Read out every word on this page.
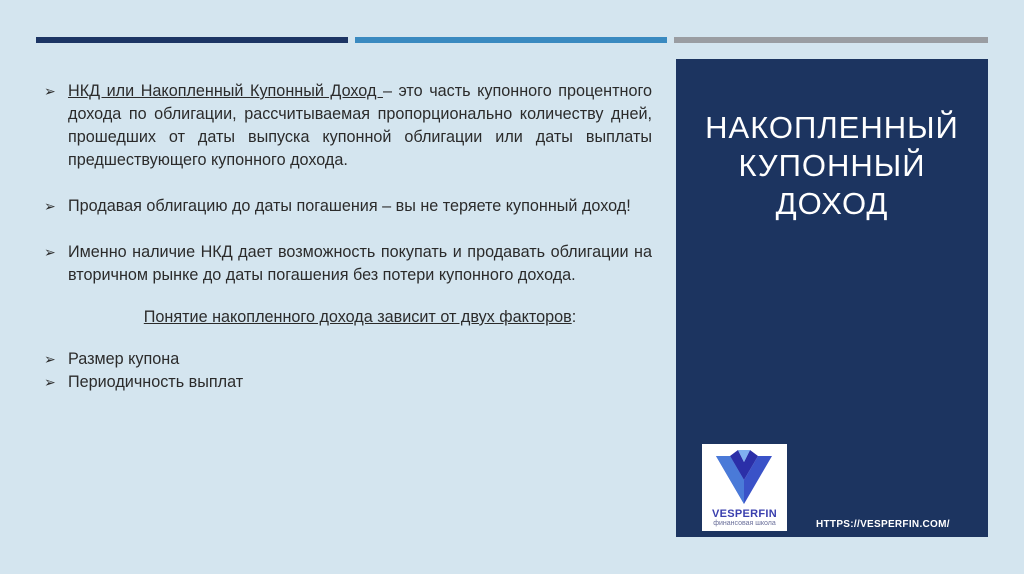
➢ НКД или Накопленный Купонный Доход – это часть купонного процентного дохода по облигации, рассчитываемая пропорционально количеству дней, прошедших от даты выпуска купонной облигации или даты выплаты предшествующего купонного дохода.
➢ Продавая облигацию до даты погашения – вы не теряете купонный доход!
➢ Именно наличие НКД дает возможность покупать и продавать облигации на вторичном рынке до даты погашения без потери купонного дохода.
Понятие накопленного дохода зависит от двух факторов:
➢ Размер купона
➢ Периодичность выплат
НАКОПЛЕННЫЙ
КУПОННЫЙ
ДОХОД
VESPERFIN
финансовая школа	HTTPS://VESPERFIN.COM/
